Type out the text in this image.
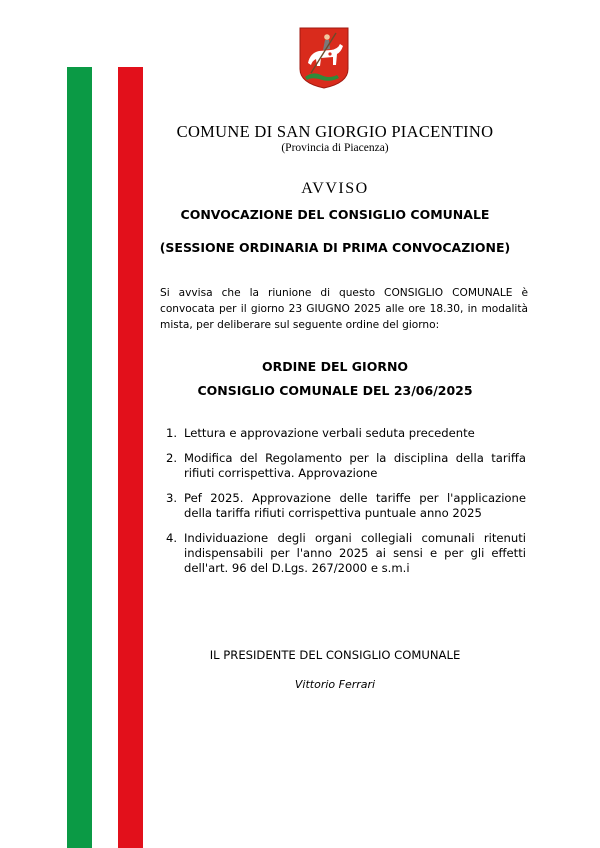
COMUNE DI SAN GIORGIO PIACENTINO
(Provincia di Piacenza)
AVVISO
CONVOCAZIONE DEL CONSIGLIO COMUNALE
(SESSIONE ORDINARIA DI PRIMA CONVOCAZIONE)

Si avvisa che la riunione di questo CONSIGLIO COMUNALE è convocata per il giorno 23 GIUGNO 2025 alle ore 18.30, in modalità mista, per deliberare sul seguente ordine del giorno:

ORDINE DEL GIORNO
CONSIGLIO COMUNALE DEL 23/06/2025
1. Lettura e approvazione verbali seduta precedente
2. Modifica del Regolamento per la disciplina della tariffa rifiuti corrispettiva. Approvazione
3. Pef 2025. Approvazione delle tariffe per l'applicazione della tariffa rifiuti corrispettiva puntuale anno 2025
4. Individuazione degli organi collegiali comunali ritenuti indispensabili per l'anno 2025 ai sensi e per gli effetti dell'art. 96 del D.Lgs. 267/2000 e s.m.i
IL PRESIDENTE DEL CONSIGLIO COMUNALE
Vittorio Ferrari
